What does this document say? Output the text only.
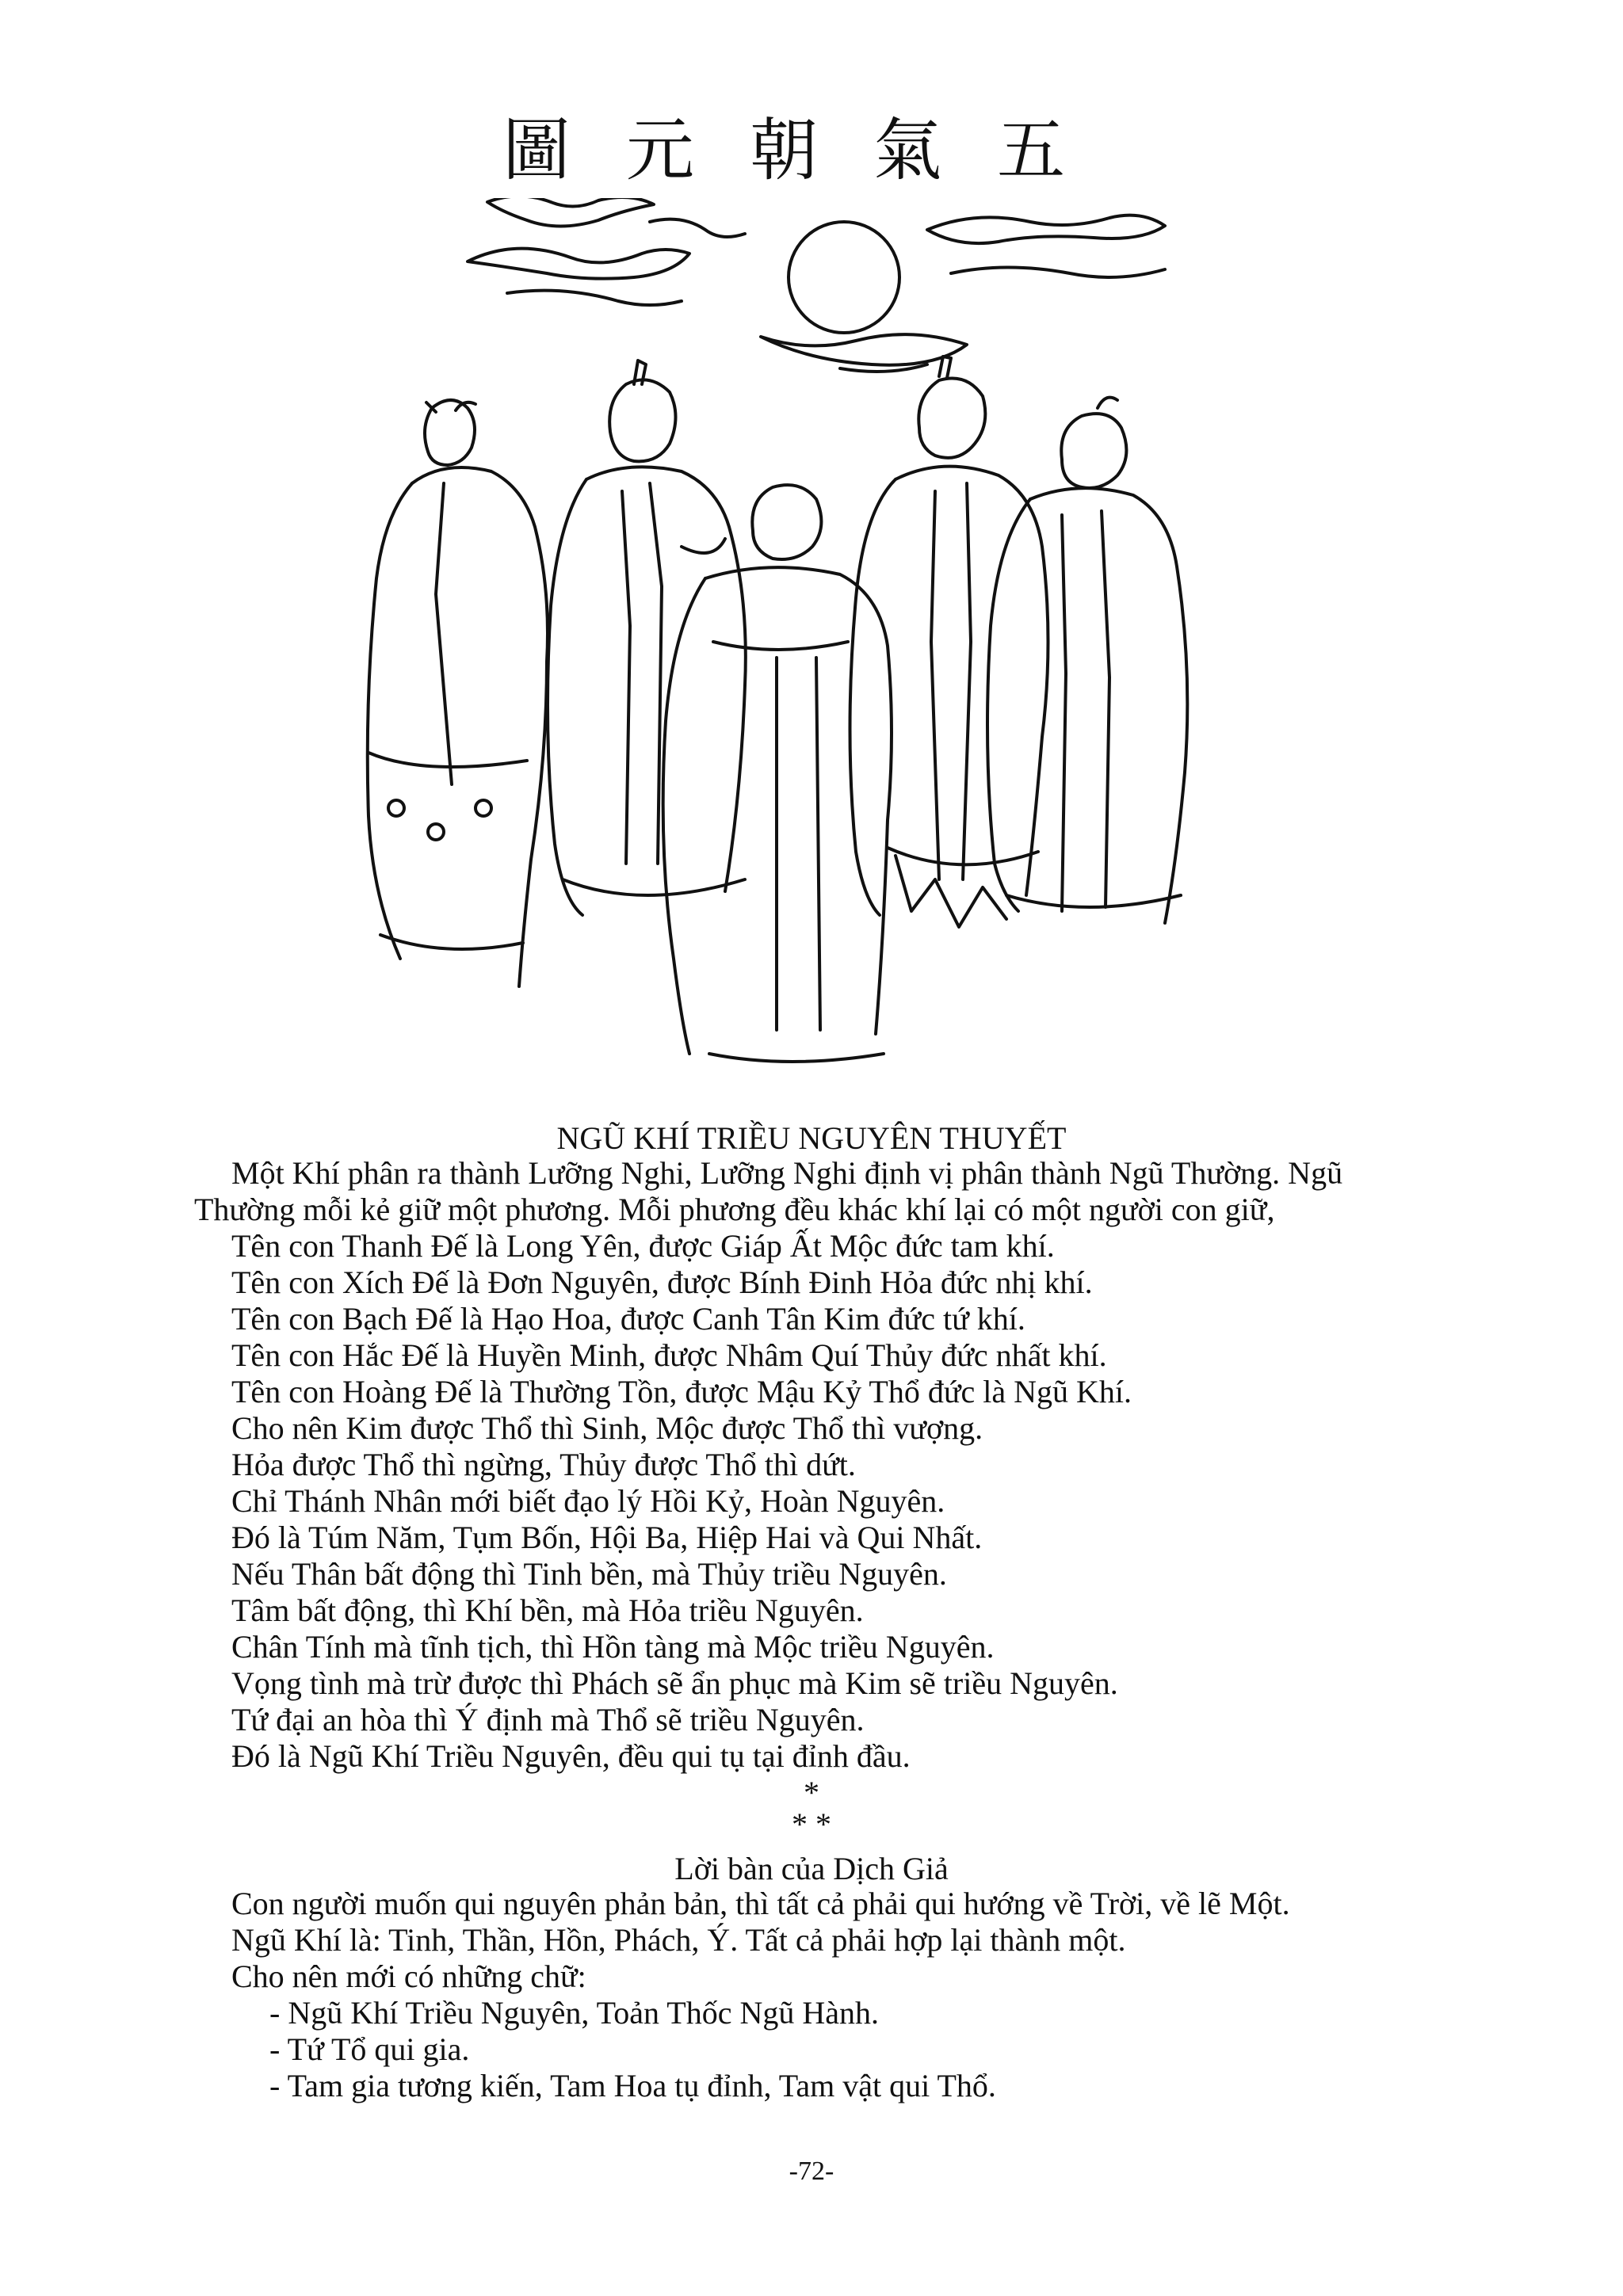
圖元朝氣五
NGŨ KHÍ TRIỀU NGUYÊN THUYẾT
Một Khí phân ra thành Lưỡng Nghi, Lưỡng Nghi định vị phân thành Ngũ Thường. Ngũ
Thường mỗi kẻ giữ một phương. Mỗi phương đều khác khí lại có một người con giữ,
Tên con Thanh Đế là Long Yên, được Giáp Ất Mộc đức tam khí.
Tên con Xích Đế là Đơn Nguyên, được Bính Đinh Hỏa đức nhị khí.
Tên con Bạch Đế là Hạo Hoa, được Canh Tân Kim đức tứ khí.
Tên con Hắc Đế là Huyền Minh, được Nhâm Quí Thủy đức nhất khí.
Tên con Hoàng Đế là Thường Tồn, được Mậu Kỷ Thổ đức là Ngũ Khí.
Cho nên Kim được Thổ thì Sinh, Mộc được Thổ thì vượng.
Hỏa được Thổ thì ngừng, Thủy được Thổ thì dứt.
Chỉ Thánh Nhân mới biết đạo lý Hồi Kỷ, Hoàn Nguyên.
Đó là Túm Năm, Tụm Bốn, Hội Ba, Hiệp Hai và Qui Nhất.
Nếu Thân bất động thì Tinh bền, mà Thủy triều Nguyên.
Tâm bất động, thì Khí bền, mà Hỏa triều Nguyên.
Chân Tính mà tĩnh tịch, thì Hồn tàng mà Mộc triều Nguyên.
Vọng tình mà trừ được thì Phách sẽ ẩn phục mà Kim sẽ triều Nguyên.
Tứ đại an hòa thì Ý định mà Thổ sẽ triều Nguyên.
Đó là Ngũ Khí Triều Nguyên, đều qui tụ tại đỉnh đầu.
*
* *
Lời bàn của Dịch Giả
Con người muốn qui nguyên phản bản, thì tất cả phải qui hướng về Trời, về lẽ Một.
Ngũ Khí là: Tinh, Thần, Hồn, Phách, Ý. Tất cả phải hợp lại thành một.
Cho nên mới có những chữ:
- Ngũ Khí Triều Nguyên, Toản Thốc Ngũ Hành.
- Tứ Tổ qui gia.
- Tam gia tương kiến, Tam Hoa tụ đỉnh, Tam vật qui Thổ.
-72-
